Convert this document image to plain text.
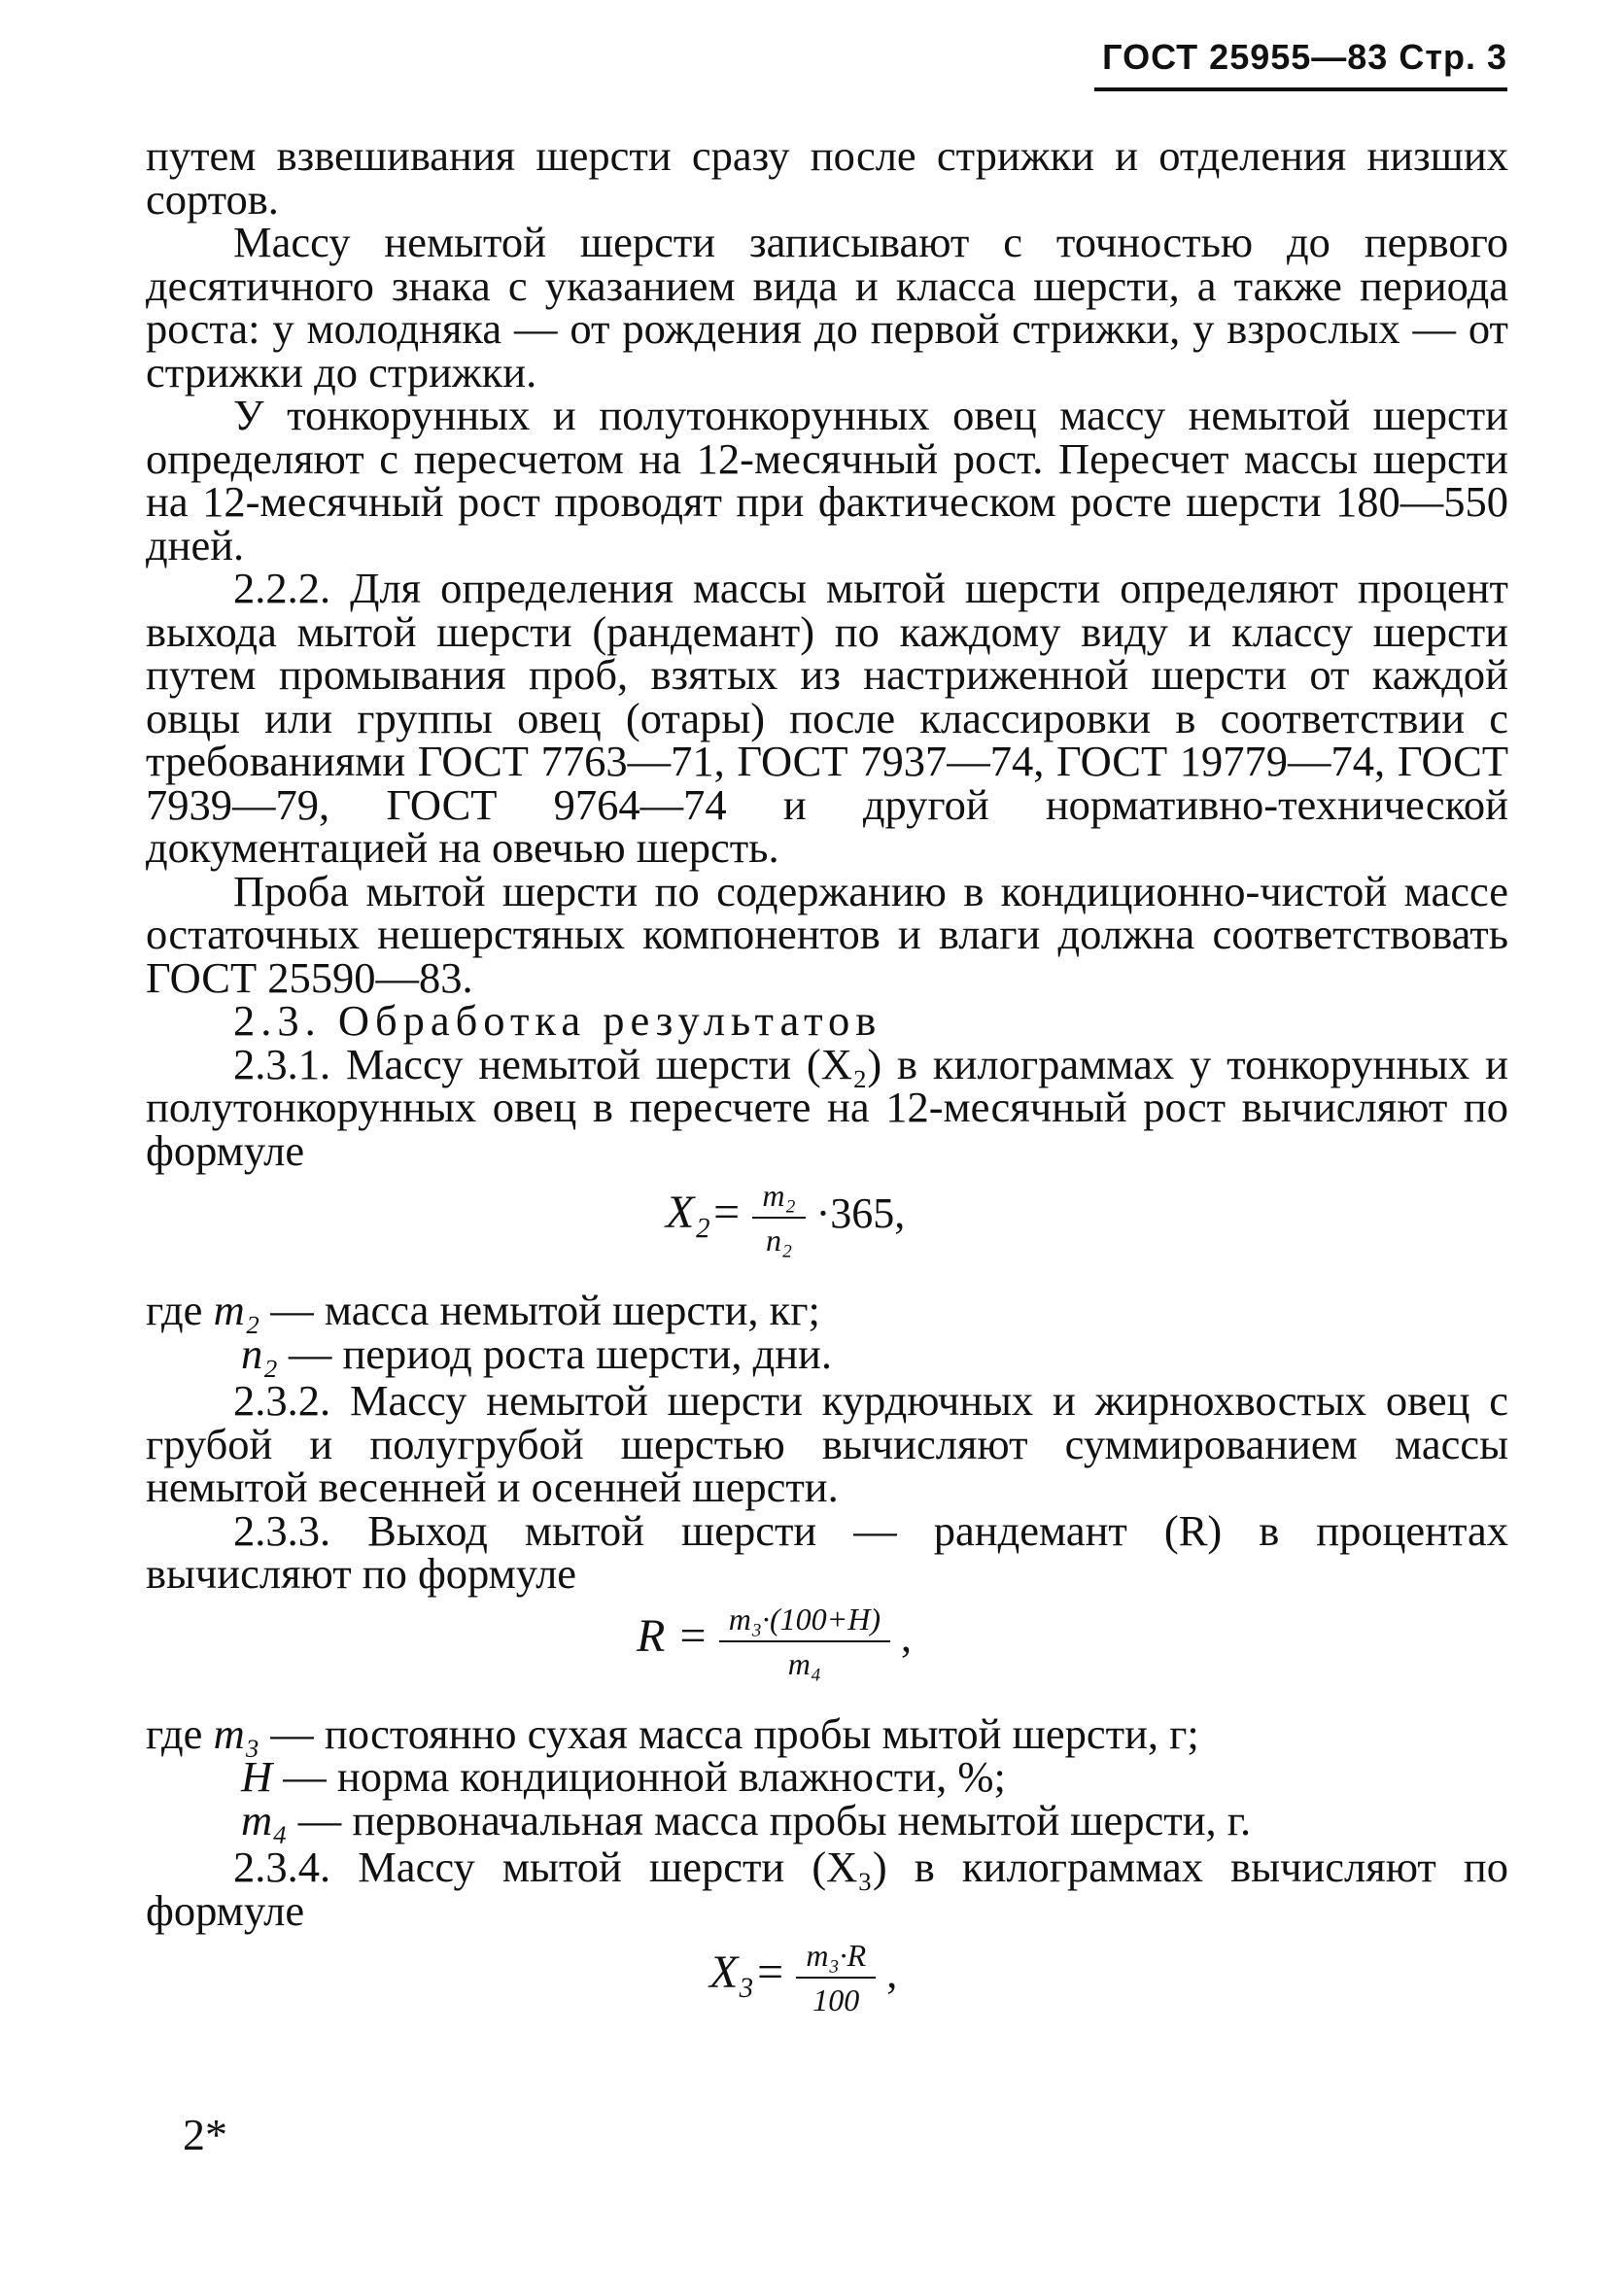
ГОСТ 25955—83 Стр. 3

путем взвешивания шерсти сразу после стрижки и отделения низших сортов.

Массу немытой шерсти записывают с точностью до первого десятичного знака с указанием вида и класса шерсти, а также периода роста: у молодняка — от рождения до первой стрижки, у взрослых — от стрижки до стрижки.

У тонкорунных и полутонкорунных овец массу немытой шерсти определяют с пересчетом на 12-месячный рост. Пересчет массы шерсти на 12-месячный рост проводят при фактическом росте шерсти 180—550 дней.

2.2.2. Для определения массы мытой шерсти определяют процент выхода мытой шерсти (рандемант) по каждому виду и классу шерсти путем промывания проб, взятых из настриженной шерсти от каждой овцы или группы овец (отары) после классировки в соответствии с требованиями ГОСТ 7763—71, ГОСТ 7937—74, ГОСТ 19779—74, ГОСТ 7939—79, ГОСТ 9764—74 и другой нормативно-технической документацией на овечью шерсть.

Проба мытой шерсти по содержанию в кондиционно-чистой массе остаточных нешерстяных компонентов и влаги должна соответствовать ГОСТ 25590—83.

2.3. Обработка результатов

2.3.1. Массу немытой шерсти (X₂) в килограммах у тонкорунных и полутонкорунных овец в пересчете на 12-месячный рост вычисляют по формуле

$X_2= \frac{\text{m₂}}{\text{n₂}} \cdot 365$,
где m₂ — масса немытой шерсти, кг;
n₂ — период роста шерсти, дни.

2.3.2. Массу немытой шерсти курдючных и жирнохвостых овец с грубой и полугрубой шерстью вычисляют суммированием массы немытой весенней и осенней шерсти.

2.3.3. Выход мытой шерсти — рандемант (R) в процентах вычисляют по формуле

$R = \frac{\text{m₃·(100+H)}}{\text{m₄}}$ ,
где m₃ — постоянно сухая масса пробы мытой шерсти, г;
H — норма кондиционной влажности, %;
m₄ — первоначальная масса пробы немытой шерсти, г.

2.3.4. Массу мытой шерсти (X₃) в килограммах вычисляют по формуле

$X_3= \frac{\text{m₃·R}}{100}$ ,
2*
